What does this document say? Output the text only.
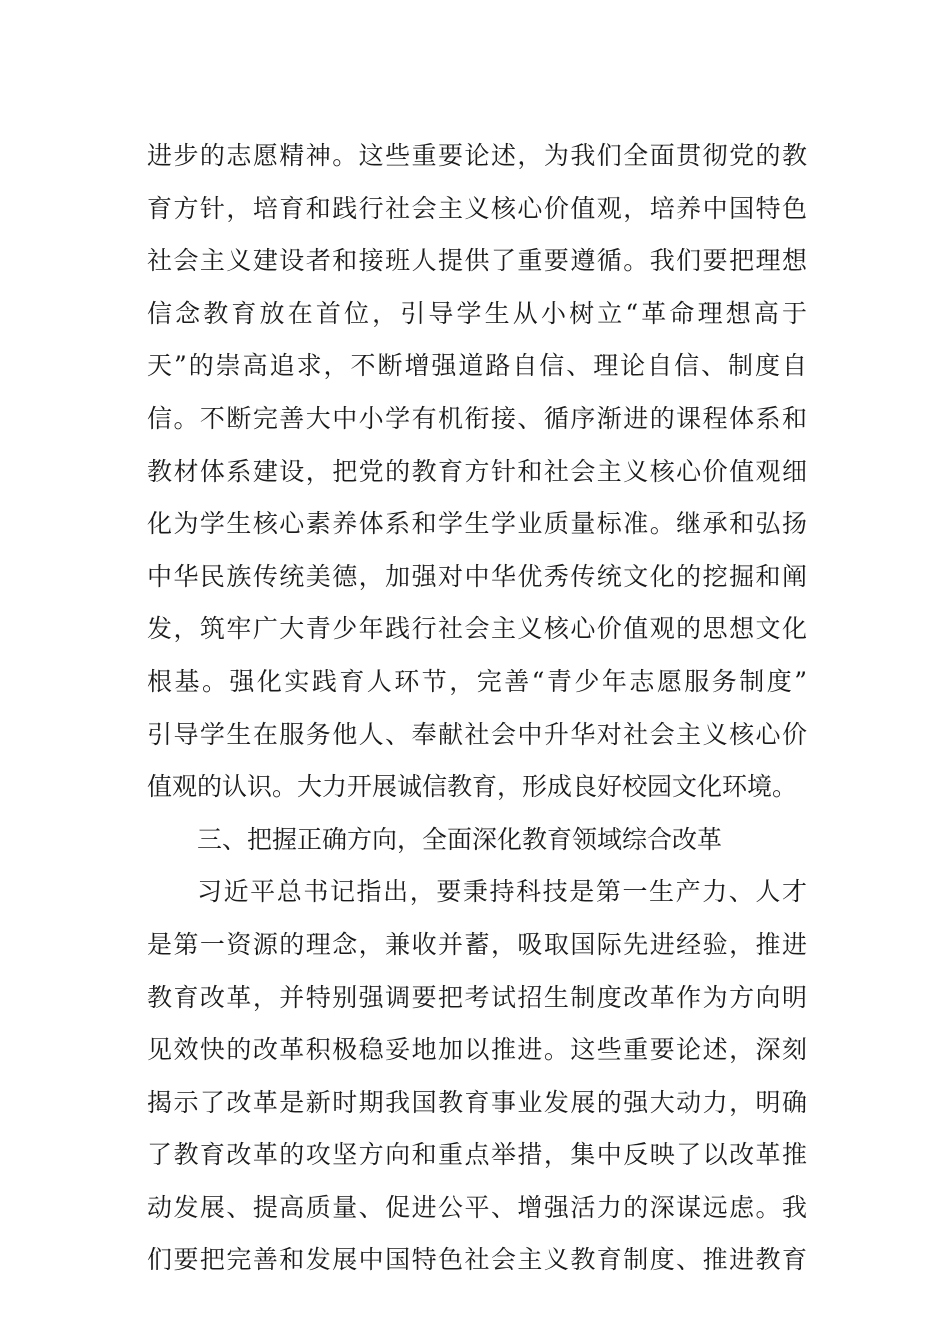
进步的志愿精神。这些重要论述，为我们全面贯彻党的教
育方针，培育和践行社会主义核心价值观，培养中国特色
社会主义建设者和接班人提供了重要遵循。我们要把理想
信念教育放在首位，引导学生从小树立“革命理想高于
天”的崇高追求，不断增强道路自信、理论自信、制度自
信。不断完善大中小学有机衔接、循序渐进的课程体系和
教材体系建设，把党的教育方针和社会主义核心价值观细
化为学生核心素养体系和学生学业质量标准。继承和弘扬
中华民族传统美德，加强对中华优秀传统文化的挖掘和阐
发，筑牢广大青少年践行社会主义核心价值观的思想文化
根基。强化实践育人环节，完善“青少年志愿服务制度”
引导学生在服务他人、奉献社会中升华对社会主义核心价
值观的认识。大力开展诚信教育，形成良好校园文化环境。
三、把握正确方向，全面深化教育领域综合改革
习近平总书记指出，要秉持科技是第一生产力、人才
是第一资源的理念，兼收并蓄，吸取国际先进经验，推进
教育改革，并特别强调要把考试招生制度改革作为方向明
见效快的改革积极稳妥地加以推进。这些重要论述，深刻
揭示了改革是新时期我国教育事业发展的强大动力，明确
了教育改革的攻坚方向和重点举措，集中反映了以改革推
动发展、提高质量、促进公平、增强活力的深谋远虑。我
们要把完善和发展中国特色社会主义教育制度、推进教育
